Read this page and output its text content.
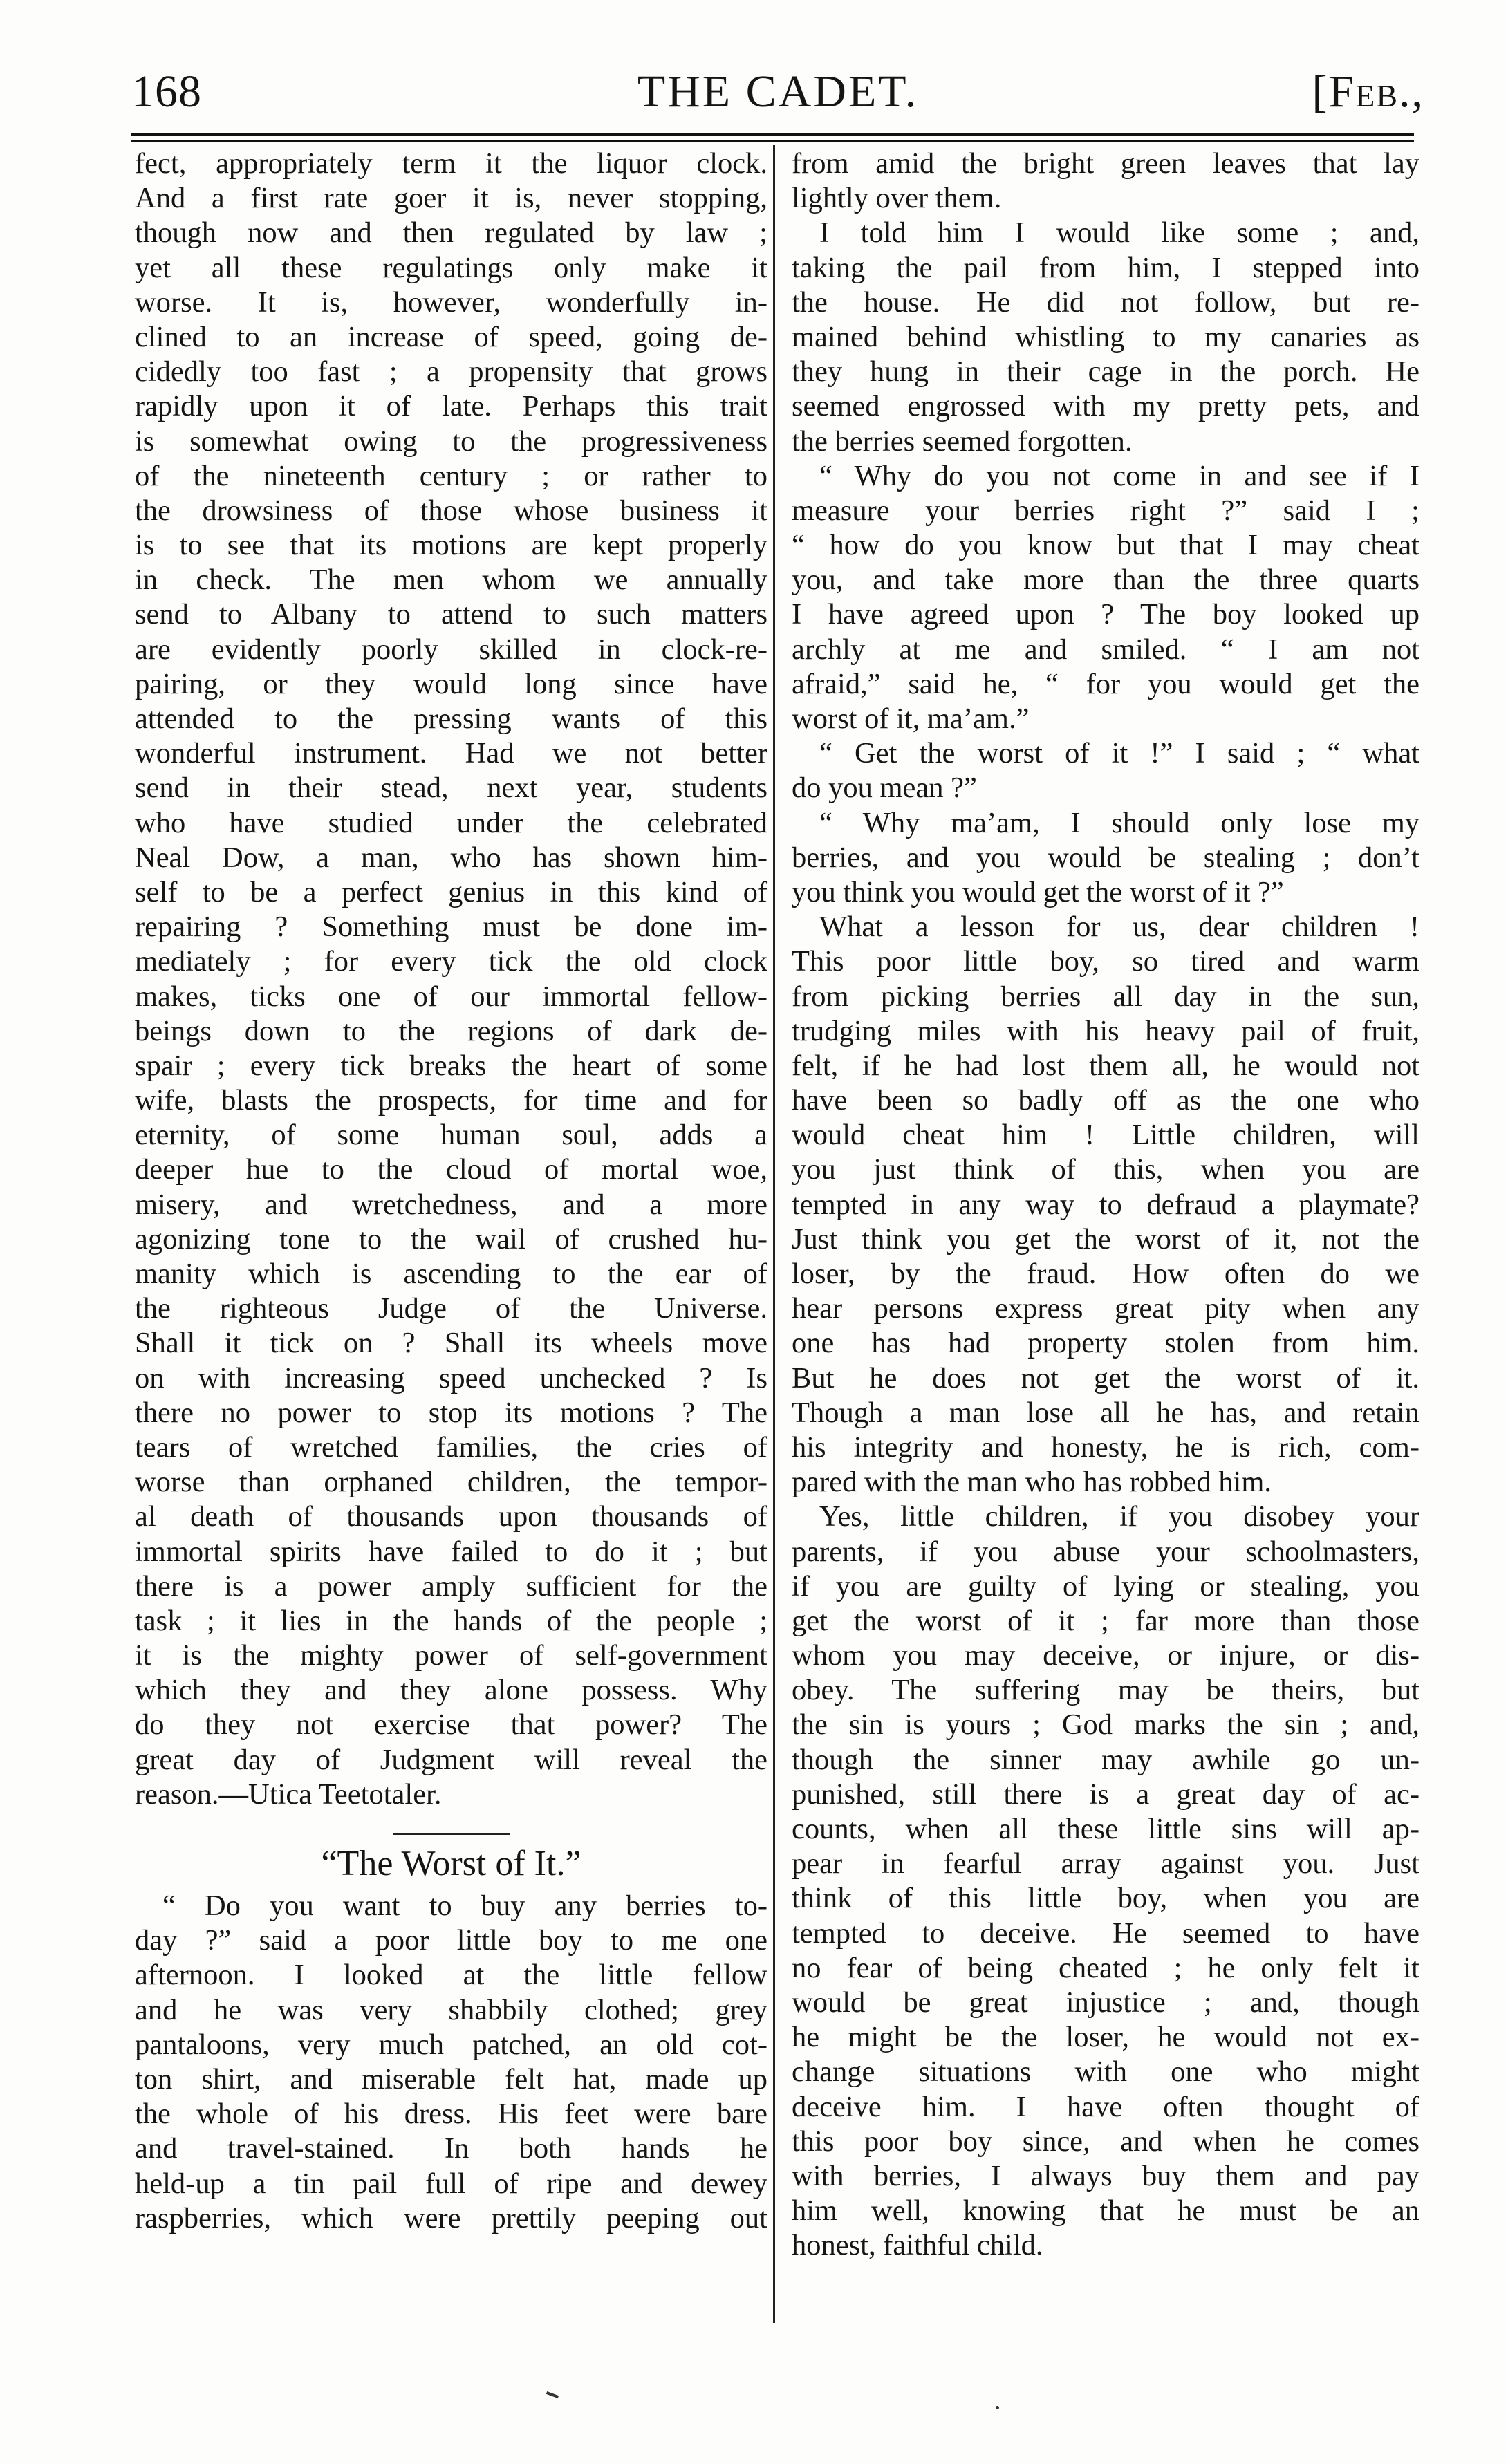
168	THE CADET.	[Feb.,
fect, appropriately term it the liquor clock.
And a first rate goer it is, never stopping,
though now and then regulated by law ;
yet all these regulatings only make it
worse. It is, however, wonderfully in-
clined to an increase of speed, going de-
cidedly too fast ; a propensity that grows
rapidly upon it of late. Perhaps this trait
is somewhat owing to the progressiveness
of the nineteenth century ; or rather to
the drowsiness of those whose business it
is to see that its motions are kept properly
in check. The men whom we annually
send to Albany to attend to such matters
are evidently poorly skilled in clock-re-
pairing, or they would long since have
attended to the pressing wants of this
wonderful instrument. Had we not better
send in their stead, next year, students
who have studied under the celebrated
Neal Dow, a man, who has shown him-
self to be a perfect genius in this kind of
repairing ? Something must be done im-
mediately ; for every tick the old clock
makes, ticks one of our immortal fellow-
beings down to the regions of dark de-
spair ; every tick breaks the heart of some
wife, blasts the prospects, for time and for
eternity, of some human soul, adds a
deeper hue to the cloud of mortal woe,
misery, and wretchedness, and a more
agonizing tone to the wail of crushed hu-
manity which is ascending to the ear of
the righteous Judge of the Universe.
Shall it tick on ? Shall its wheels move
on with increasing speed unchecked ? Is
there no power to stop its motions ? The
tears of wretched families, the cries of
worse than orphaned children, the tempor-
al death of thousands upon thousands of
immortal spirits have failed to do it ; but
there is a power amply sufficient for the
task ; it lies in the hands of the people ;
it is the mighty power of self-government
which they and they alone possess. Why
do they not exercise that power? The
great day of Judgment will reveal the
reason.—Utica Teetotaler.
“The Worst of It.”
“ Do you want to buy any berries to-
day ?” said a poor little boy to me one
afternoon. I looked at the little fellow
and he was very shabbily clothed; grey
pantaloons, very much patched, an old cot-
ton shirt, and miserable felt hat, made up
the whole of his dress. His feet were bare
and travel-stained. In both hands he
held-up a tin pail full of ripe and dewey
raspberries, which were prettily peeping out
from amid the bright green leaves that lay
lightly over them.
I told him I would like some ; and,
taking the pail from him, I stepped into
the house. He did not follow, but re-
mained behind whistling to my canaries as
they hung in their cage in the porch. He
seemed engrossed with my pretty pets, and
the berries seemed forgotten.
“ Why do you not come in and see if I
measure your berries right ?” said I ;
“ how do you know but that I may cheat
you, and take more than the three quarts
I have agreed upon ? The boy looked up
archly at me and smiled. “ I am not
afraid,” said he, “ for you would get the
worst of it, ma’am.”
“ Get the worst of it !” I said ; “ what
do you mean ?”
“ Why ma’am, I should only lose my
berries, and you would be stealing ; don’t
you think you would get the worst of it ?”
What a lesson for us, dear children !
This poor little boy, so tired and warm
from picking berries all day in the sun,
trudging miles with his heavy pail of fruit,
felt, if he had lost them all, he would not
have been so badly off as the one who
would cheat him ! Little children, will
you just think of this, when you are
tempted in any way to defraud a playmate?
Just think you get the worst of it, not the
loser, by the fraud. How often do we
hear persons express great pity when any
one has had property stolen from him.
But he does not get the worst of it.
Though a man lose all he has, and retain
his integrity and honesty, he is rich, com-
pared with the man who has robbed him.
Yes, little children, if you disobey your
parents, if you abuse your schoolmasters,
if you are guilty of lying or stealing, you
get the worst of it ; far more than those
whom you may deceive, or injure, or dis-
obey. The suffering may be theirs, but
the sin is yours ; God marks the sin ; and,
though the sinner may awhile go un-
punished, still there is a great day of ac-
counts, when all these little sins will ap-
pear in fearful array against you. Just
think of this little boy, when you are
tempted to deceive. He seemed to have
no fear of being cheated ; he only felt it
would be great injustice ; and, though
he might be the loser, he would not ex-
change situations with one who might
deceive him. I have often thought of
this poor boy since, and when he comes
with berries, I always buy them and pay
him well, knowing that he must be an
honest, faithful child.
